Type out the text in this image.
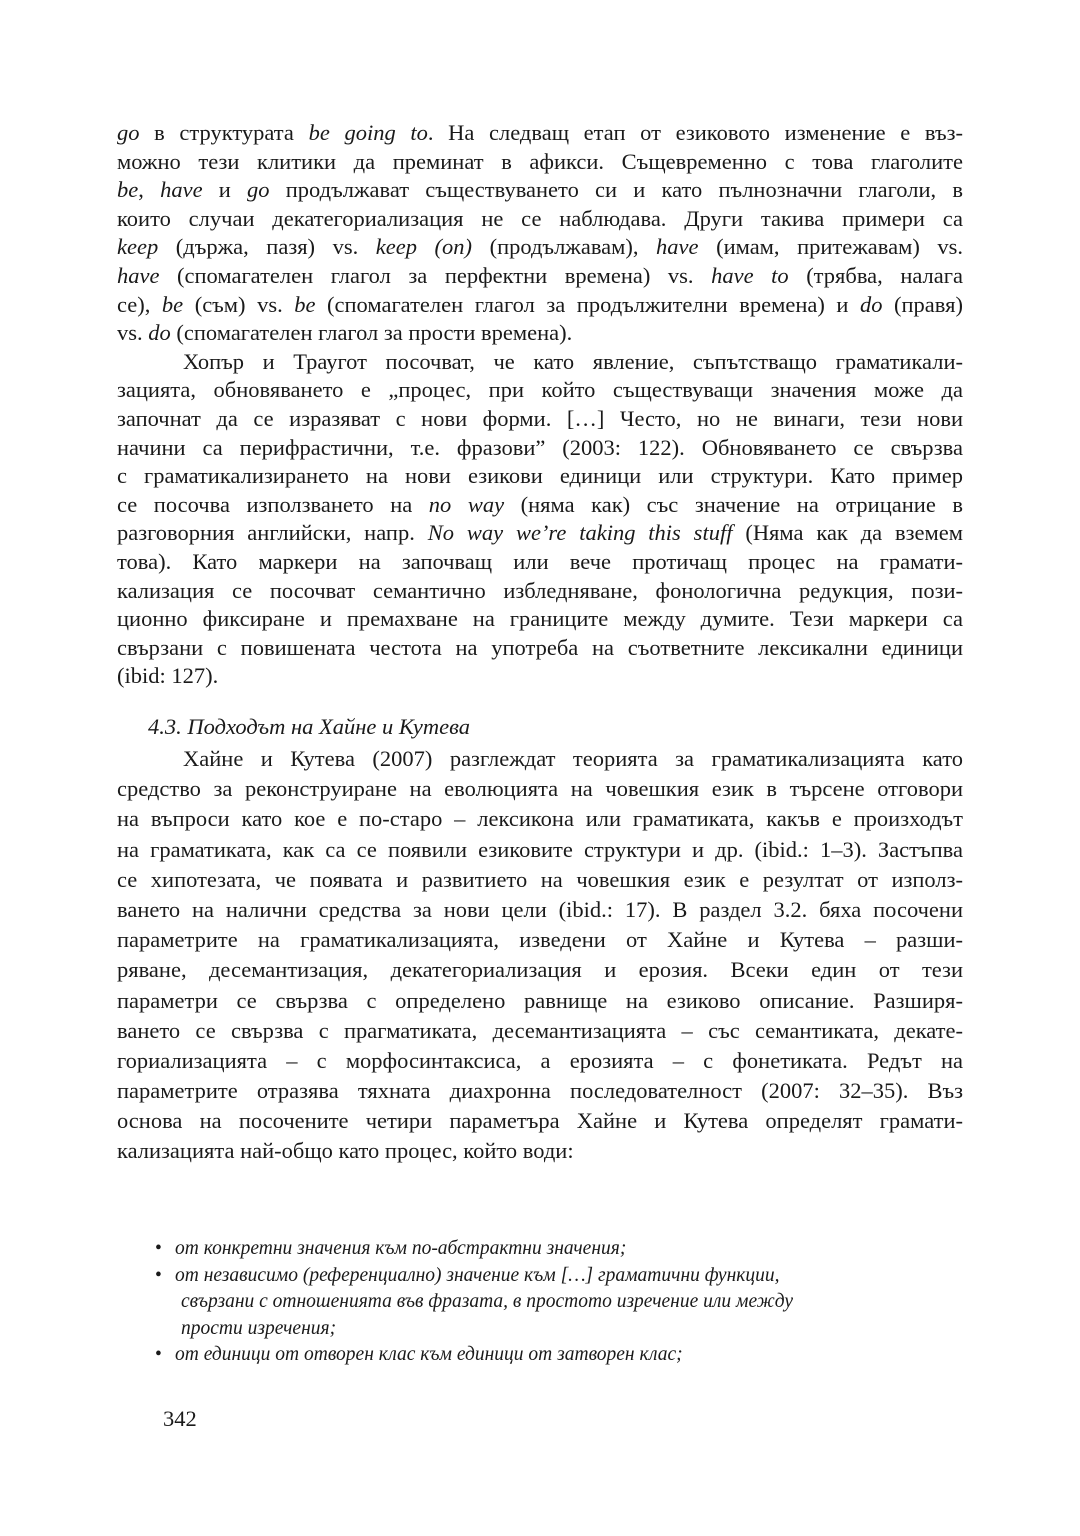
go в структурата be going to. На следващ етап от езиковото изменение е въз-
можно тези клитики да преминат в афикси. Същевременно с това глаголите
be, have и go продължават съществуването си и като пълнозначни глаголи, в
които случаи декатегориализация не се наблюдава. Други такива примери са
keep (държа, пазя) vs. keep (on) (продължавам), have (имам, притежавам) vs.
have (спомагателен глагол за перфектни времена) vs. have to (трябва, налага
се), be (съм) vs. be (спомагателен глагол за продължителни времена) и do (правя)
vs. do (спомагателен глагол за прости времена).
Хопър и Траугот посочват, че като явление, съпътстващо граматикали-
зацията, обновяването е „процес, при който съществуващи значения може да
започнат да се изразяват с нови форми. […] Често, но не винаги, тези нови
начини са перифрастични, т.е. фразови” (2003: 122). Обновяването се свързва
с граматикализирането на нови езикови единици или структури. Като пример
се посочва използването на no way (няма как) със значение на отрицание в
разговорния английски, напр. No way we’re taking this stuff (Няма как да вземем
това). Като маркери на започващ или вече протичащ процес на грамати-
кализация се посочват семантично избледняване, фонологична редукция, пози-
ционно фиксиране и премахване на границите между думите. Тези маркери са
свързани с повишената честота на употреба на съответните лексикални единици
(ibid: 127).
4.3. Подходът на Хайне и Кутева
Хайне и Кутева (2007) разглеждат теорията за граматикализацията като
средство за реконструиране на еволюцията на човешкия език в търсене отговори
на въпроси като кое е по-старо – лексикона или граматиката, какъв е произходът
на граматиката, как са се появили езиковите структури и др. (ibid.: 1–3). Застъпва
се хипотезата, че появата и развитието на човешкия език е резултат от използ-
ването на налични средства за нови цели (ibid.: 17). В раздел 3.2. бяха посочени
параметрите на граматикализацията, изведени от Хайне и Кутева – разши-
ряване, десемантизация, декатегориализация и ерозия. Всеки един от тези
параметри се свързва с определено равнище на езиково описание. Разширя-
ването се свързва с прагматиката, десемантизацията – със семантиката, декате-
гориализацията – с морфосинтаксиса, а ерозията – с фонетиката. Редът на
параметрите отразява тяхната диахронна последователност (2007: 32–35). Въз
основа на посочените четири параметъра Хайне и Кутева определят грамати-
кализацията най-общо като процес, който води:
• от конкретни значения към по-абстрактни значения;
• от независимо (референциално) значение към […] граматични функции,
свързани с отношенията във фразата, в простото изречение или между
прости изречения;
• от единици от отворен клас към единици от затворен клас;
342
